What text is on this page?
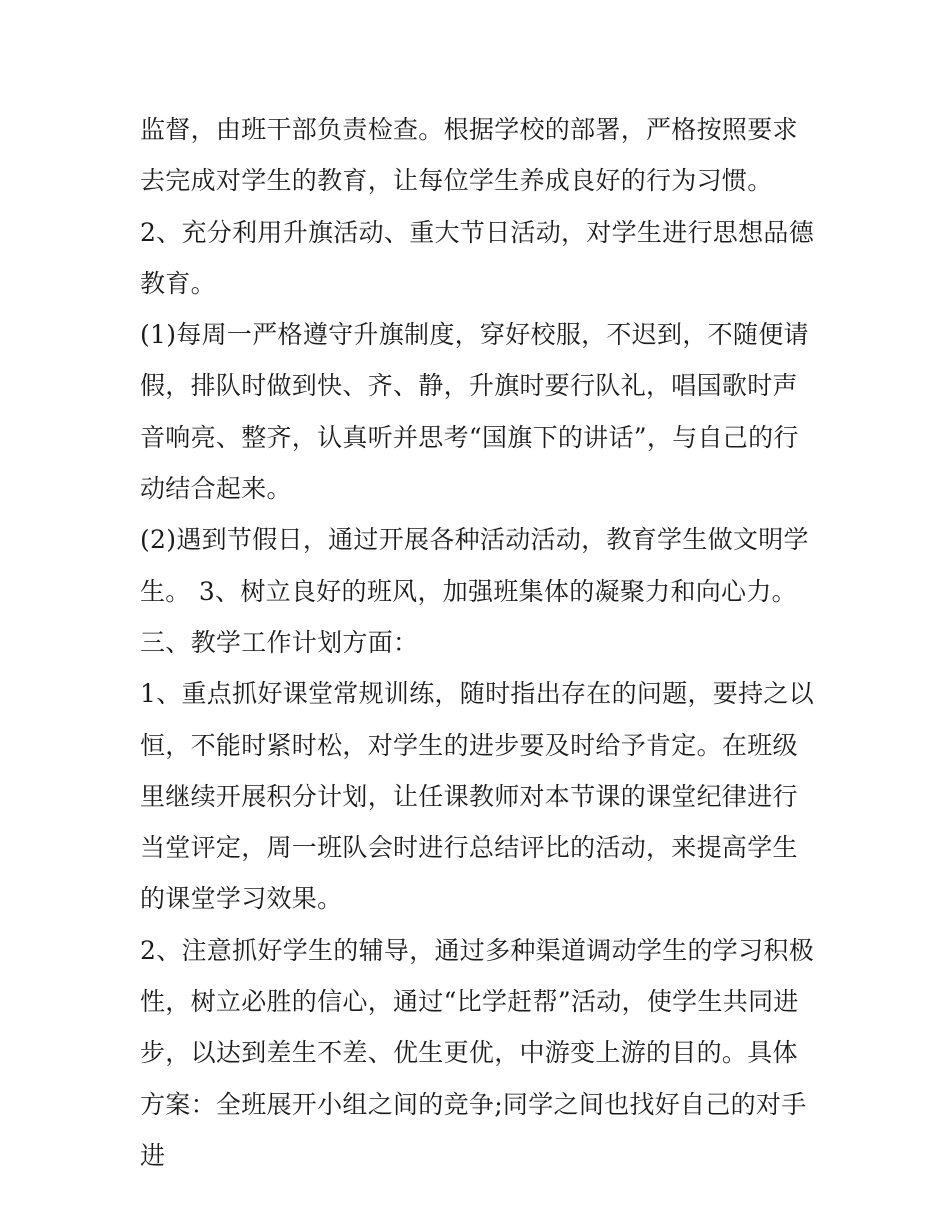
监督，由班干部负责检查。根据学校的部署，严格按照要求去完成对学生的教育，让每位学生养成良好的行为习惯。

2、充分利用升旗活动、重大节日活动，对学生进行思想品德教育。

(1)每周一严格遵守升旗制度，穿好校服，不迟到，不随便请假，排队时做到快、齐、静，升旗时要行队礼，唱国歌时声音响亮、整齐，认真听并思考“国旗下的讲话”，与自己的行动结合起来。

(2)遇到节假日，通过开展各种活动活动，教育学生做文明学生。 3、树立良好的班风，加强班集体的凝聚力和向心力。

三、教学工作计划方面：

1、重点抓好课堂常规训练，随时指出存在的问题，要持之以恒，不能时紧时松，对学生的进步要及时给予肯定。在班级里继续开展积分计划，让任课教师对本节课的课堂纪律进行当堂评定，周一班队会时进行总结评比的活动，来提高学生的课堂学习效果。

2、注意抓好学生的辅导，通过多种渠道调动学生的学习积极性，树立必胜的信心，通过“比学赶帮”活动，使学生共同进步，以达到差生不差、优生更优，中游变上游的目的。具体方案：全班展开小组之间的竞争;同学之间也找好自己的对手进
